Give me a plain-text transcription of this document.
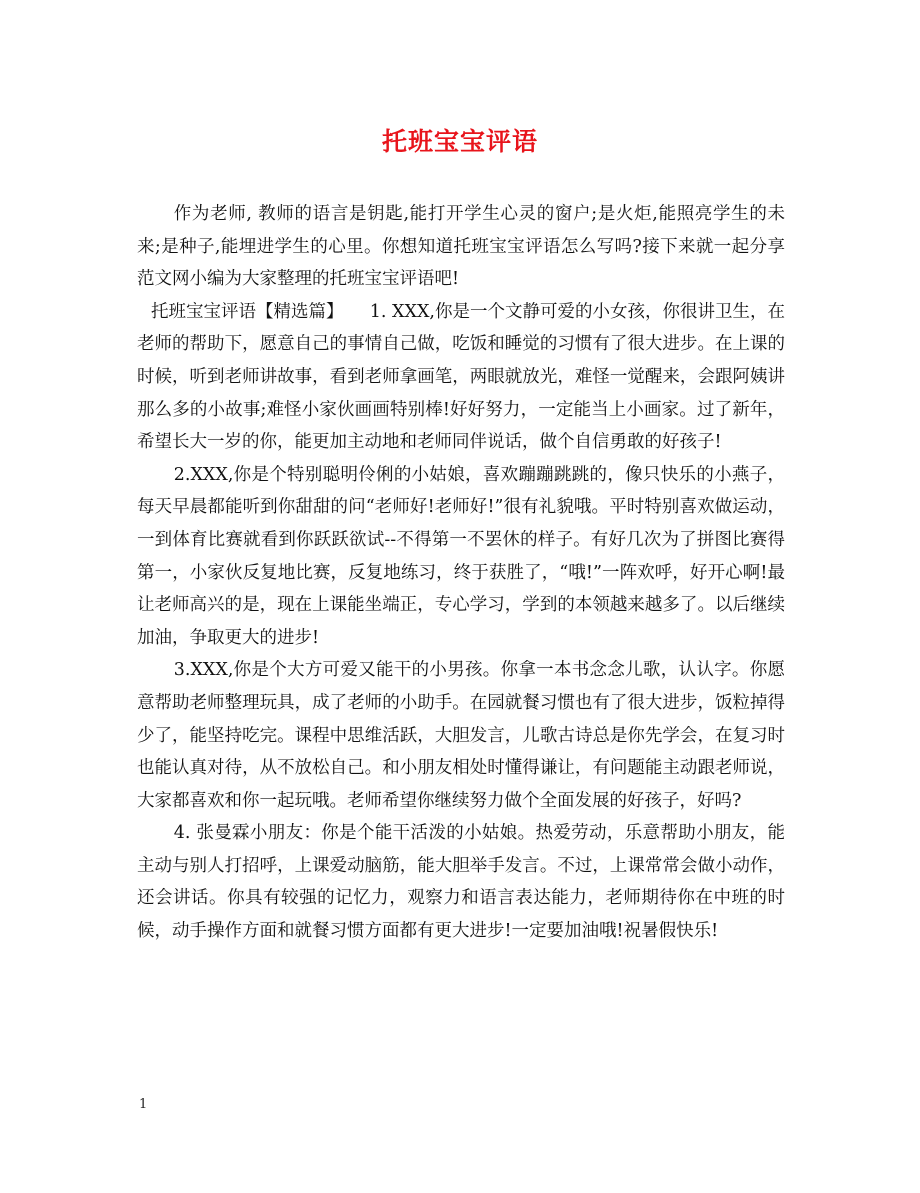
托班宝宝评语

作为老师, 教师的语言是钥匙,能打开学生心灵的窗户;是火炬,能照亮学生的未来;是种子,能埋进学生的心里。你想知道托班宝宝评语怎么写吗?接下来就一起分享范文网小编为大家整理的托班宝宝评语吧!

托班宝宝评语【精选篇】　　1. XXX,你是一个文静可爱的小女孩，你很讲卫生，在老师的帮助下，愿意自己的事情自己做，吃饭和睡觉的习惯有了很大进步。在上课的时候，听到老师讲故事，看到老师拿画笔，两眼就放光，难怪一觉醒来，会跟阿姨讲那么多的小故事;难怪小家伙画画特别棒!好好努力，一定能当上小画家。过了新年，希望长大一岁的你，能更加主动地和老师同伴说话，做个自信勇敢的好孩子!

2.XXX,你是个特别聪明伶俐的小姑娘，喜欢蹦蹦跳跳的，像只快乐的小燕子，每天早晨都能听到你甜甜的问“老师好!老师好!”很有礼貌哦。平时特别喜欢做运动，一到体育比赛就看到你跃跃欲试--不得第一不罢休的样子。有好几次为了拼图比赛得第一，小家伙反复地比赛，反复地练习，终于获胜了，“哦!”一阵欢呼，好开心啊!最让老师高兴的是，现在上课能坐端正，专心学习，学到的本领越来越多了。以后继续加油，争取更大的进步!

3.XXX,你是个大方可爱又能干的小男孩。你拿一本书念念儿歌，认认字。你愿意帮助老师整理玩具，成了老师的小助手。在园就餐习惯也有了很大进步，饭粒掉得少了，能坚持吃完。课程中思维活跃，大胆发言，儿歌古诗总是你先学会，在复习时也能认真对待，从不放松自己。和小朋友相处时懂得谦让，有问题能主动跟老师说，大家都喜欢和你一起玩哦。老师希望你继续努力做个全面发展的好孩子，好吗?

4. 张曼霖小朋友：你是个能干活泼的小姑娘。热爱劳动，乐意帮助小朋友，能主动与别人打招呼，上课爱动脑筋，能大胆举手发言。不过，上课常常会做小动作，还会讲话。你具有较强的记忆力，观察力和语言表达能力，老师期待你在中班的时候，动手操作方面和就餐习惯方面都有更大进步!一定要加油哦!祝暑假快乐!

1
